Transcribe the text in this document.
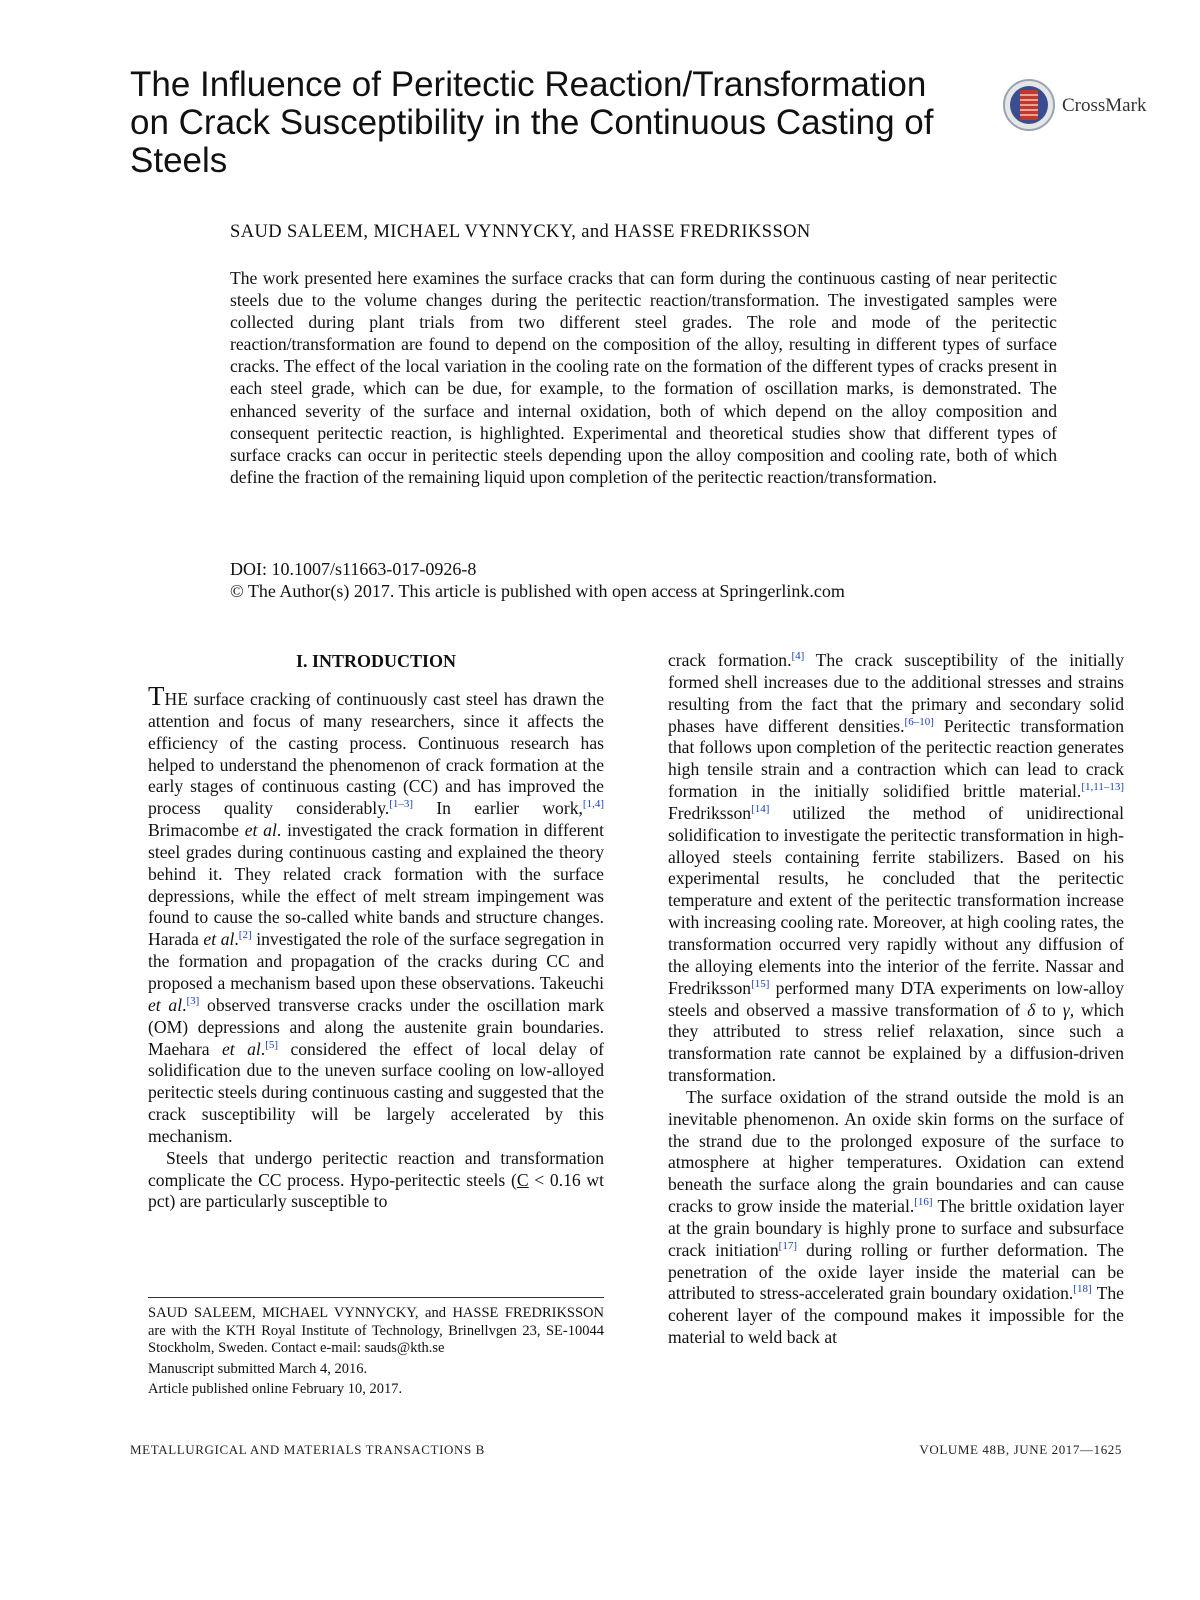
The Influence of Peritectic Reaction/Transformation on Crack Susceptibility in the Continuous Casting of Steels
CrossMark
SAUD SALEEM, MICHAEL VYNNYCKY, and HASSE FREDRIKSSON

The work presented here examines the surface cracks that can form during the continuous casting of near peritectic steels due to the volume changes during the peritectic reaction/transformation. The investigated samples were collected during plant trials from two different steel grades. The role and mode of the peritectic reaction/transformation are found to depend on the composition of the alloy, resulting in different types of surface cracks. The effect of the local variation in the cooling rate on the formation of the different types of cracks present in each steel grade, which can be due, for example, to the formation of oscillation marks, is demonstrated. The enhanced severity of the surface and internal oxidation, both of which depend on the alloy composition and consequent peritectic reaction, is highlighted. Experimental and theoretical studies show that different types of surface cracks can occur in peritectic steels depending upon the alloy composition and cooling rate, both of which define the fraction of the remaining liquid upon completion of the peritectic reaction/transformation.

DOI: 10.1007/s11663-017-0926-8
© The Author(s) 2017. This article is published with open access at Springerlink.com
I. INTRODUCTION

THE surface cracking of continuously cast steel has drawn the attention and focus of many researchers, since it affects the efficiency of the casting process. Continuous research has helped to understand the phenomenon of crack formation at the early stages of continuous casting (CC) and has improved the process quality considerably.[1–3] In earlier work,[1,4] Brimacombe et al. investigated the crack formation in different steel grades during continuous casting and explained the theory behind it. They related crack formation with the surface depressions, while the effect of melt stream impingement was found to cause the so-called white bands and structure changes. Harada et al.[2] investigated the role of the surface segregation in the formation and propagation of the cracks during CC and proposed a mechanism based upon these observations. Takeuchi et al.[3] observed transverse cracks under the oscillation mark (OM) depressions and along the austenite grain boundaries. Maehara et al.[5] considered the effect of local delay of solidification due to the uneven surface cooling on low-alloyed peritectic steels during continuous casting and suggested that the crack susceptibility will be largely accelerated by this mechanism.

Steels that undergo peritectic reaction and transformation complicate the CC process. Hypo-peritectic steels (C < 0.16 wt pct) are particularly susceptible to

SAUD SALEEM, MICHAEL VYNNYCKY, and HASSE FREDRIKSSON are with the KTH Royal Institute of Technology, Brinellvgen 23, SE-10044 Stockholm, Sweden. Contact e-mail: sauds@kth.se

Manuscript submitted March 4, 2016.

Article published online February 10, 2017.

crack formation.[4] The crack susceptibility of the initially formed shell increases due to the additional stresses and strains resulting from the fact that the primary and secondary solid phases have different densities.[6–10] Peritectic transformation that follows upon completion of the peritectic reaction generates high tensile strain and a contraction which can lead to crack formation in the initially solidified brittle material.[1,11–13] Fredriksson[14] utilized the method of unidirectional solidification to investigate the peritectic transformation in high-alloyed steels containing ferrite stabilizers. Based on his experimental results, he concluded that the peritectic temperature and extent of the peritectic transformation increase with increasing cooling rate. Moreover, at high cooling rates, the transformation occurred very rapidly without any diffusion of the alloying elements into the interior of the ferrite. Nassar and Fredriksson[15] performed many DTA experiments on low-alloy steels and observed a massive transformation of δ to γ, which they attributed to stress relief relaxation, since such a transformation rate cannot be explained by a diffusion-driven transformation.

The surface oxidation of the strand outside the mold is an inevitable phenomenon. An oxide skin forms on the surface of the strand due to the prolonged exposure of the surface to atmosphere at higher temperatures. Oxidation can extend beneath the surface along the grain boundaries and can cause cracks to grow inside the material.[16] The brittle oxidation layer at the grain boundary is highly prone to surface and subsurface crack initiation[17] during rolling or further deformation. The penetration of the oxide layer inside the material can be attributed to stress-accelerated grain boundary oxidation.[18] The coherent layer of the compound makes it impossible for the material to weld back at

METALLURGICAL AND MATERIALS TRANSACTIONS B	VOLUME 48B, JUNE 2017—1625
